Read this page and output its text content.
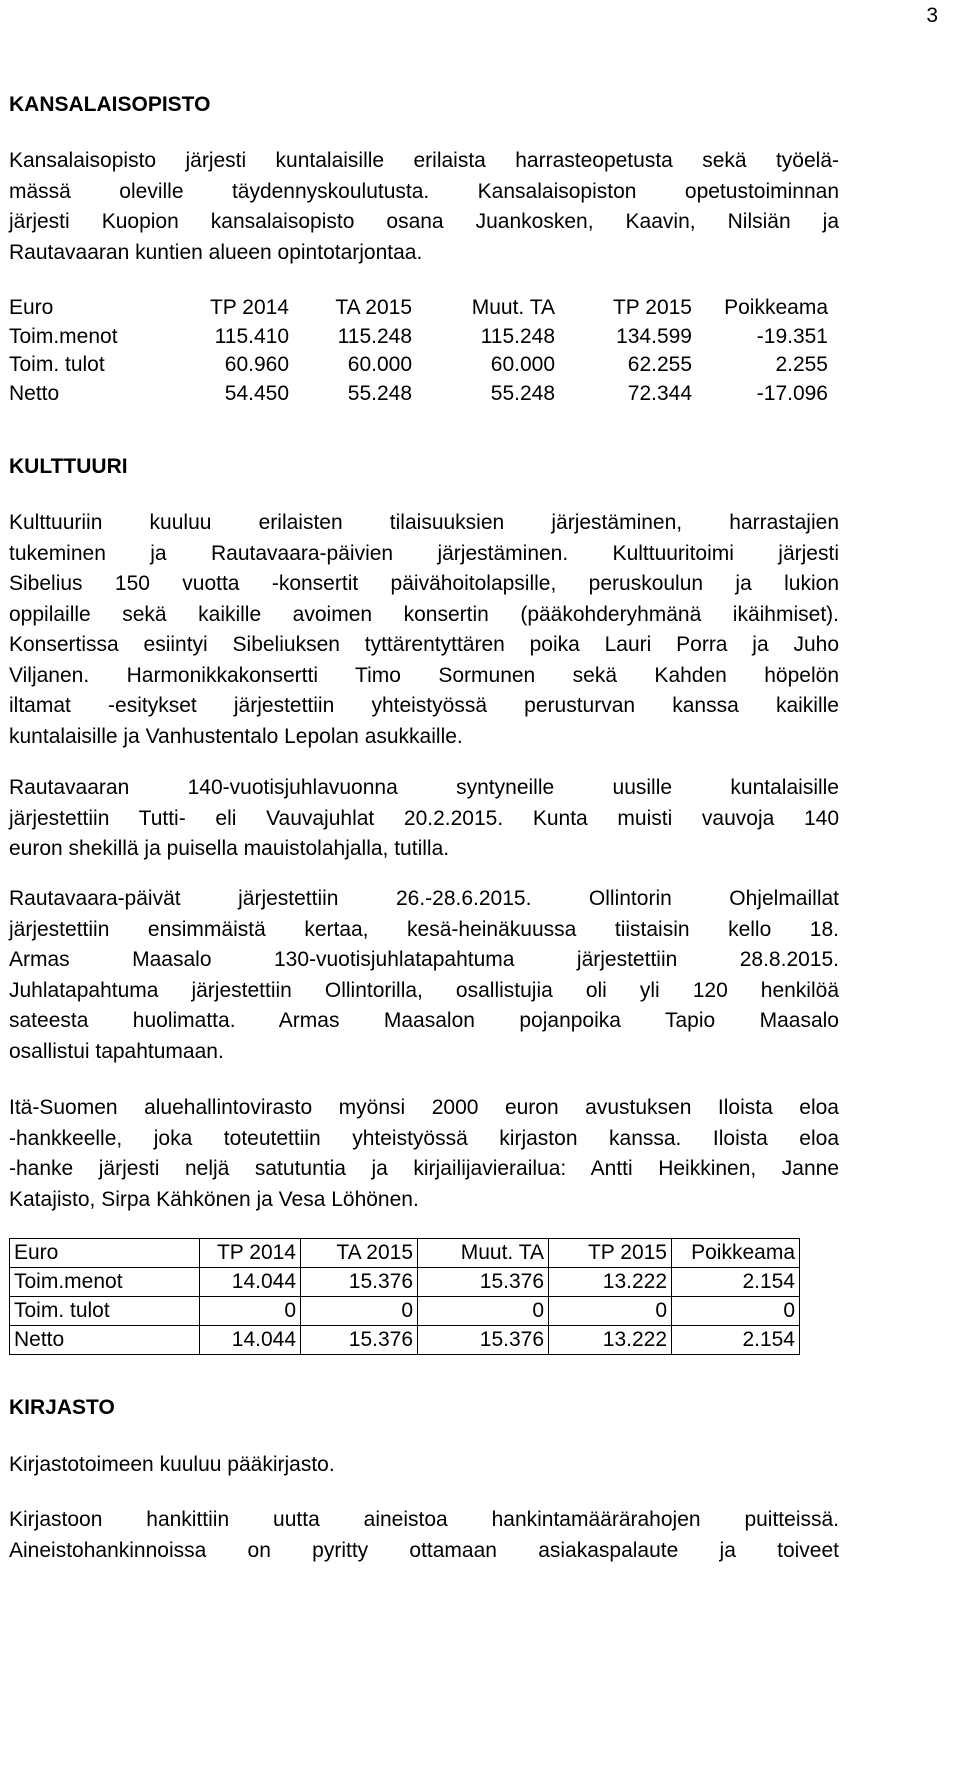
3
KANSALAISOPISTO

Kansalaisopisto järjesti kuntalaisille erilaista harrasteopetusta sekä työelä-

mässä oleville täydennyskoulutusta. Kansalaisopiston opetustoiminnan

järjesti Kuopion kansalaisopisto osana Juankosken, Kaavin, Nilsiän ja

Rautavaaran kuntien alueen opintotarjontaa.

Euro	TP 2014	TA 2015	Muut. TA	TP 2015	Poikkeama
Toim.menot	115.410	115.248	115.248	134.599	-19.351
Toim. tulot	60.960	60.000	60.000	62.255	2.255
Netto	54.450	55.248	55.248	72.344	-17.096
KULTTUURI

Kulttuuriin kuuluu erilaisten tilaisuuksien järjestäminen, harrastajien

tukeminen ja Rautavaara-päivien järjestäminen. Kulttuuritoimi järjesti

Sibelius 150 vuotta -konsertit päivähoitolapsille, peruskoulun ja lukion

oppilaille sekä kaikille avoimen konsertin (pääkohderyhmänä ikäihmiset).

Konsertissa esiintyi Sibeliuksen tyttärentyttären poika Lauri Porra ja Juho

Viljanen. Harmonikkakonsertti Timo Sormunen sekä Kahden höpelön

iltamat -esitykset järjestettiin yhteistyössä perusturvan kanssa kaikille

kuntalaisille ja Vanhustentalo Lepolan asukkaille.

Rautavaaran 140-vuotisjuhlavuonna syntyneille uusille kuntalaisille

järjestettiin Tutti- eli Vauvajuhlat 20.2.2015. Kunta muisti vauvoja 140

euron shekillä ja puisella mauistolahjalla, tutilla.

Rautavaara-päivät järjestettiin 26.-28.6.2015. Ollintorin Ohjelmaillat

järjestettiin ensimmäistä kertaa, kesä-heinäkuussa tiistaisin kello 18.

Armas Maasalo 130-vuotisjuhlatapahtuma järjestettiin 28.8.2015.

Juhlatapahtuma järjestettiin Ollintorilla, osallistujia oli yli 120 henkilöä

sateesta huolimatta. Armas Maasalon pojanpoika Tapio Maasalo

osallistui tapahtumaan.

Itä-Suomen aluehallintovirasto myönsi 2000 euron avustuksen Iloista eloa

-hankkeelle, joka toteutettiin yhteistyössä kirjaston kanssa. Iloista eloa

-hanke järjesti neljä satutuntia ja kirjailijavierailua: Antti Heikkinen, Janne

Katajisto, Sirpa Kähkönen ja Vesa Löhönen.

Euro	TP 2014	TA 2015	Muut. TA	TP 2015	Poikkeama
Toim.menot	14.044	15.376	15.376	13.222	2.154
Toim. tulot	0	0	0	0	0
Netto	14.044	15.376	15.376	13.222	2.154
KIRJASTO

Kirjastotoimeen kuuluu pääkirjasto.

Kirjastoon hankittiin uutta aineistoa hankintamäärärahojen puitteissä.

Aineistohankinnoissa on pyritty ottamaan asiakaspalaute ja toiveet
